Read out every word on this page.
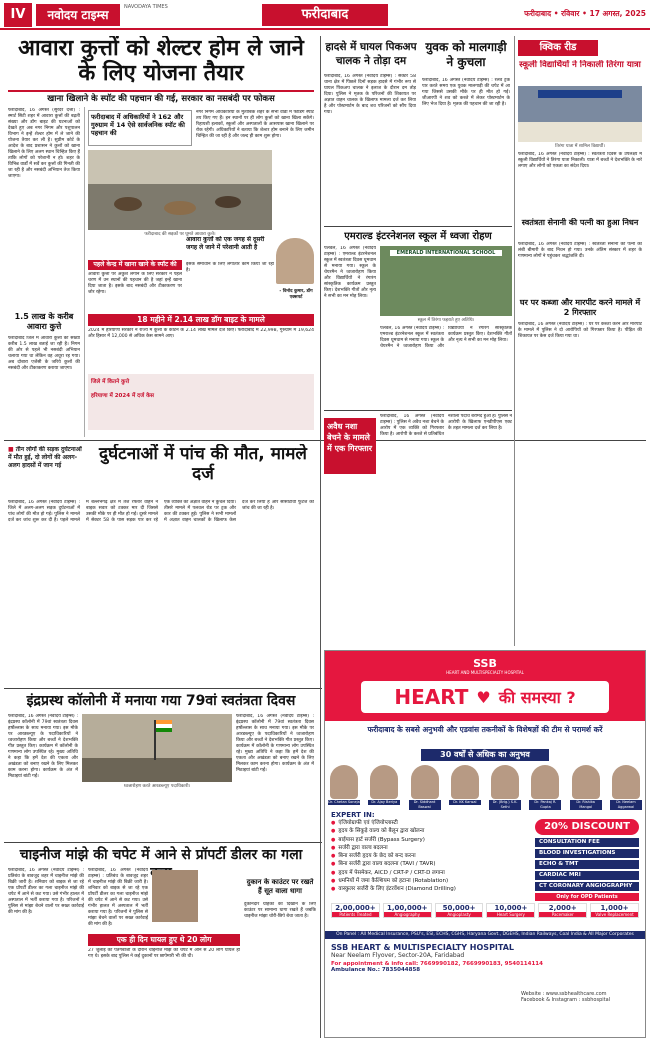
IV	नवोदय टाइम्स
NAVODAYA TIMES	फरीदाबाद	फरीदाबाद • रविवार • 17 अगस्त, 2025
आवारा कुत्तों को शेल्टर होम ले जाने के लिए योजना तैयार
खाना खिलाने के स्पॉट की पहचान की गई, सरकार का नसबंदी पर फोकस
फरीदाबाद, 16 अगस्त (सुरेंदर दत्ता) : स्मार्ट सिटी शहर में आवारा कुत्तों की बढ़ती संख्या और डॉग बाइट की घटनाओं को देखते हुए अब नगर निगम और पशुपालन विभाग ने इन्हें शेल्टर होम में ले जाने की योजना तैयार कर ली है। सुप्रीम कोर्ट के आदेश के बाद प्रशासन ने कुत्तों को खाना खिलाने के लिए अलग स्थान चिन्हित किए हैं ताकि लोगों को परेशानी न हो। शहर के विभिन्न वार्डों में सर्वे कर कुत्तों की गिनती की जा रही है और नसबंदी अभियान तेज किया जाएगा।
1.5 लाख के करीब आवारा कुत्ते
फरीदाबाद जिले में आवारा कुत्तों की संख्या करीब 1.5 लाख बताई जा रही है। निगम की ओर से पहले भी नसबंदी अभियान चलाया गया था लेकिन वह अधूरा रह गया। अब दोबारा एजेंसी के जरिये कुत्तों की नसबंदी और टीकाकरण कराया जाएगा।
फरीदाबाद में अधिकारियों ने 162 और गुरुग्राम में 14 ऐसे सार्वजनिक स्पॉट की पहचान की
फरीदाबाद की सड़कों पर घूमते आवारा कुत्ते।
नगर निगम अधिकारियों के मुताबिक शहर के सभी वार्डों में फीडिंग स्पॉट तय किए गए हैं। इन स्थानों पर ही लोग कुत्तों को खाना खिला सकेंगे। रिहायशी इलाकों, स्कूलों और अस्पतालों के आसपास खाना खिलाने पर रोक रहेगी। अधिकारियों ने बताया कि शेल्टर होम बनाने के लिए जमीन चिन्हित की जा रही है और जल्द ही काम शुरू होगा।
आवारा कुत्तों को एक जगह से दूसरी जगह ले जाने में परेशानी आती है
इसके समाधान के लिए लगातार काम किया जा रहा है।
- विनोद कुमार, डॉग एक्सपर्ट
पहले केन्द्र में खाना खाने के स्पॉट की
आवारा कुत्तों पर अंकुश लगाने के लिए सरकार ने पहले चरण में उन स्थानों की पहचान की है जहां इन्हें खाना दिया जाता है। इसके बाद नसबंदी और टीकाकरण पर जोर रहेगा।
18 महीने में 2.14 लाख डॉग बाइट के मामले
2024 में हरियाणा सरकार ने राज्य में कुत्तों के काटने के 2.14 लाख मामले दर्ज किए। फरीदाबाद में 22,998, गुरुग्राम में 19,624 और हिसार में 12,000 से अधिक केस सामने आए।
जिले में कितने कुत्ते
हरियाणा में 2024 में दर्ज केस
दुर्घटनाओं में पांच की मौत, मामले दर्ज
■ तीन लोगों की सड़क दुर्घटनाओं में मौत हुई, दो लोगों की अलग-अलग हादसों में जान गई
फरीदाबाद, 16 अगस्त (नवोदय टाइम्स) : जिले में अलग-अलग सड़क दुर्घटनाओं में पांच लोगों की मौत हो गई। पुलिस ने मामले दर्ज कर जांच शुरू कर दी है। पहले मामले में बल्लभगढ़ क्षेत्र में तेज रफ्तार वाहन ने बाइक सवार को टक्कर मार दी जिससे उसकी मौके पर ही मौत हो गई। दूसरे मामले में सेक्टर 58 के पास सड़क पार कर रहे एक व्यक्ति को अज्ञात वाहन ने कुचल दिया। तीसरे मामले में पलवल रोड पर ट्रक और कार की टक्कर हुई। पुलिस ने सभी मामलों में अज्ञात वाहन चालकों के खिलाफ केस दर्ज कर लिया है और सीसीटीवी फुटेज की जांच की जा रही है।
इंद्रप्रस्थ कॉलोनी में मनाया गया 79वां स्वतंत्रता दिवस
फरीदाबाद, 16 अगस्त (नवोदय टाइम्स) : इंद्रप्रस्थ कॉलोनी में 79वां स्वतंत्रता दिवस हर्षोल्लास के साथ मनाया गया। इस मौके पर आरडब्ल्यूए के पदाधिकारियों ने ध्वजारोहण किया और बच्चों ने देशभक्ति गीत प्रस्तुत किए। कार्यक्रम में कॉलोनी के गणमान्य लोग उपस्थित रहे। मुख्य अतिथि ने कहा कि हमें देश की एकता और अखंडता को बनाए रखने के लिए मिलकर काम करना होगा। कार्यक्रम के अंत में मिठाइयां बांटी गईं।
ध्वजारोहण करते आरडब्ल्यूए पदाधिकारी।
फरीदाबाद, 16 अगस्त (नवोदय टाइम्स) : इंद्रप्रस्थ कॉलोनी में 79वां स्वतंत्रता दिवस हर्षोल्लास के साथ मनाया गया। इस मौके पर आरडब्ल्यूए के पदाधिकारियों ने ध्वजारोहण किया और बच्चों ने देशभक्ति गीत प्रस्तुत किए। कार्यक्रम में कॉलोनी के गणमान्य लोग उपस्थित रहे। मुख्य अतिथि ने कहा कि हमें देश की एकता और अखंडता को बनाए रखने के लिए मिलकर काम करना होगा। कार्यक्रम के अंत में मिठाइयां बांटी गईं।
चाइनीज मांझे की चपेट में आने से प्रॉपर्टी डीलर का गला
फरीदाबाद, 16 अगस्त (नवोदय टाइम्स) : प्रतिबंध के बावजूद शहर में चाइनीज मांझे की बिक्री जारी है। शनिवार को बाइक से जा रहे एक प्रॉपर्टी डीलर का गला चाइनीज मांझे की चपेट में आने से कट गया। उसे गंभीर हालत में अस्पताल में भर्ती कराया गया है। परिजनों ने पुलिस से मांझा बेचने वालों पर सख्त कार्रवाई की मांग की है।
फरीदाबाद, 16 अगस्त (नवोदय टाइम्स) : प्रतिबंध के बावजूद शहर में चाइनीज मांझे की बिक्री जारी है। शनिवार को बाइक से जा रहे एक प्रॉपर्टी डीलर का गला चाइनीज मांझे की चपेट में आने से कट गया। उसे गंभीर हालत में अस्पताल में भर्ती कराया गया है। परिजनों ने पुलिस से मांझा बेचने वालों पर सख्त कार्रवाई की मांग की है।
एक ही दिन घायल हुए थे 20 लोग
27 जुलाई को पतंगबाजी के दौरान चाइनीज मांझे की चपेट में आने से 20 लोग घायल हो गए थे। इसके बाद पुलिस ने कई दुकानों पर छापेमारी भी की थी।
दुकान के काउंटर पर रखते हैं सूत वाला धागा
दुकानदार ग्राहकों को दिखाने के लिए काउंटर पर सामान्य धागा रखते हैं जबकि चाइनीज मांझा चोरी-छिपे बेचा जाता है।
हादसे में घायल पिकअप चालक ने तोड़ा दम
फरीदाबाद, 16 अगस्त (नवोदय टाइम्स) : सेक्टर 58 थाना क्षेत्र में पिछले दिनों सड़क हादसे में गंभीर रूप से घायल पिकअप चालक ने इलाज के दौरान दम तोड़ दिया। पुलिस ने मृतक के परिजनों की शिकायत पर अज्ञात वाहन चालक के खिलाफ मामला दर्ज कर लिया है और पोस्टमार्टम के बाद शव परिजनों को सौंप दिया गया।
युवक को मालगाड़ी ने कुचला
फरीदाबाद, 16 अगस्त (नवोदय टाइम्स) : रेलवे ट्रैक पार करते समय एक युवक मालगाड़ी की चपेट में आ गया जिससे उसकी मौके पर ही मौत हो गई। जीआरपी ने शव को कब्जे में लेकर पोस्टमार्टम के लिए भेज दिया है। मृतक की पहचान की जा रही है।
क्विक रीड
स्कूली विद्यार्थियों ने निकाली तिरंगा यात्रा
तिरंगा यात्रा में शामिल विद्यार्थी।
फरीदाबाद, 16 अगस्त (नवोदय टाइम्स) : स्वतंत्रता दिवस के उपलक्ष्य में स्कूली विद्यार्थियों ने तिरंगा यात्रा निकाली। यात्रा में बच्चों ने देशभक्ति के नारे लगाए और लोगों को एकता का संदेश दिया।
स्वतंत्रता सेनानी की पत्नी का हुआ निधन
फरीदाबाद, 16 अगस्त (नवोदय टाइम्स) : स्वतंत्रता सेनानी की पत्नी का लंबी बीमारी के बाद निधन हो गया। उनके अंतिम संस्कार में शहर के गणमान्य लोगों ने पहुंचकर श्रद्धांजलि दी।
घर पर कब्जा और मारपीट करने मामले में 2 गिरफ्तार
फरीदाबाद, 16 अगस्त (नवोदय टाइम्स) : घर पर कब्जा करने और मारपीट के मामले में पुलिस ने दो आरोपियों को गिरफ्तार किया है। पीड़ित की शिकायत पर केस दर्ज किया गया था।
एमराल्ड इंटरनेशनल स्कूल में ध्वजा रोहण
पलवल, 16 अगस्त (नवोदय टाइम्स) : एमराल्ड इंटरनेशनल स्कूल में स्वतंत्रता दिवस धूमधाम से मनाया गया। स्कूल के चेयरमैन ने ध्वजारोहण किया और विद्यार्थियों ने रंगारंग सांस्कृतिक कार्यक्रम प्रस्तुत किए। देशभक्ति गीतों और नृत्य ने सभी का मन मोह लिया।
EMERALD INTERNATIONAL SCHOOL
स्कूल में तिरंगा फहराते हुए अतिथि।
पलवल, 16 अगस्त (नवोदय टाइम्स) : एमराल्ड इंटरनेशनल स्कूल में स्वतंत्रता दिवस धूमधाम से मनाया गया। स्कूल के चेयरमैन ने ध्वजारोहण किया और विद्यार्थियों ने रंगारंग सांस्कृतिक कार्यक्रम प्रस्तुत किए। देशभक्ति गीतों और नृत्य ने सभी का मन मोह लिया।
अवैध नशा बेचने के मामले में एक गिरफ्तार
फरीदाबाद, 16 अगस्त (नवोदय टाइम्स) : पुलिस ने अवैध नशा बेचने के आरोप में एक व्यक्ति को गिरफ्तार किया है। आरोपी के कब्जे से प्रतिबंधित नशीला पदार्थ बरामद हुआ है। पुलिस ने आरोपी के खिलाफ एनडीपीएस एक्ट के तहत मामला दर्ज कर लिया है।
SSB
HEART AND MULTISPECIALTY HOSPITAL
HEART ♥ की समस्या ?
फरीदाबाद के सबसे अनुभवी और एडवांस तकनीकों के विशेषज्ञों की टीम से परामर्श करें
30 वर्षों से अधिक का अनुभव
Dr. Chetan Soneja	Dr. Ajay Beriya	Dr. Siddhant Baswal
Dr. KK Kansal	Dr. (Brig.) S.K. Sethi
Dr. Pankaj R. Gupta
Dr. Rishika Mangal
Dr. Neelam Aggarwal
EXPERT IN:
● एंजियोग्राफी एवं एंजियोप्लास्टी
● हृदय के सिकुड़े वाल्व को बैलून द्वारा खोलना
● बाईपास हार्ट सर्जरी (Bypass Surgery)
● सर्जरी द्वारा वाल्व बदलना
● बिना सर्जरी हृदय के छेद को बन्द करना
● बिना सर्जरी द्वारा वाल्व बदलना (TAVI / TAVR)
● हृदय में पेसमेकर, AICD / CRT-P / CRT-D लगाना
● धमनियों में जमा कैल्शियम को हटाना (Rotablation)
● वास्कुलर सर्जरी के लिए इंटरवेंशन (Diamond Drilling)
20% DISCOUNT
CONSULTATION FEE
BLOOD INVESTIGATIONS
ECHO & TMT
CARDIAC MRI
CT CORONARY ANGIOGRAPHY
Only for OPD Patients
2,00,000+
Patients Treated
1,00,000+
Angiography
50,000+
Angioplasty
10,000+
Heart Surgery
2,000+
Pacemaker
1,000+
Valve Replacement
On Panel : All Medical Insurance, PSU's, ESI, ECHS, CGHS, Haryana Govt., DGEHS, Indian Railways, Coal India & All Major Corporates
SSB HEART & MULTISPECIALTY HOSPITAL
Near Neelam Flyover, Sector-20A, Faridabad
For appointment & info call: 7669990182, 7669990183, 9540114114
Ambulance No.: 7835044858
Website : www.ssbhealthcare.com
Facebook & Instagram : ssbhospital
